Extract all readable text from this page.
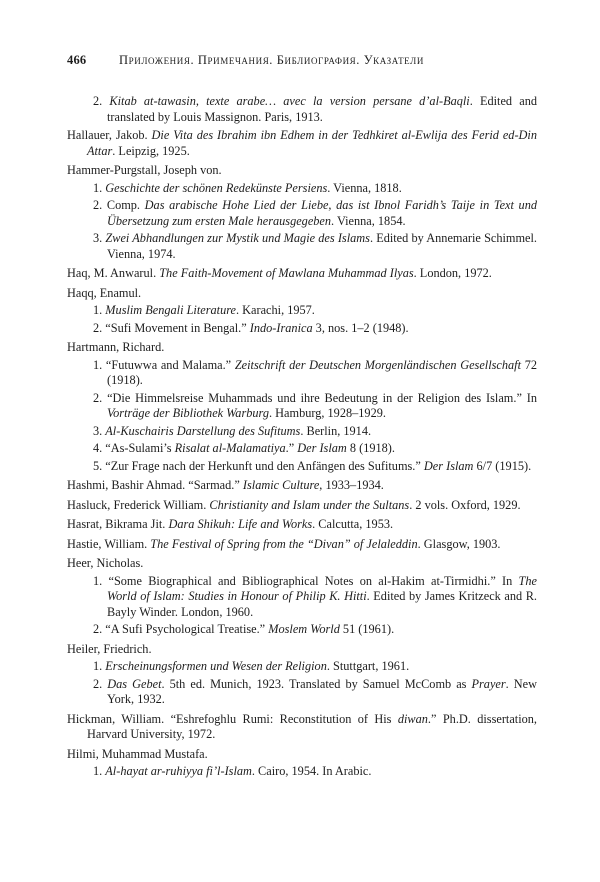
466	Приложения. Примечания. Библиография. Указатели
2. Kitab at-tawasin, texte arabe… avec la version persane d’al-Baqli. Edited and translated by Louis Massignon. Paris, 1913.
Hallauer, Jakob. Die Vita des Ibrahim ibn Edhem in der Tedhkiret al-Ewlija des Ferid ed-Din Attar. Leipzig, 1925.
Hammer-Purgstall, Joseph von.
1. Geschichte der schönen Redekünste Persiens. Vienna, 1818.
2. Comp. Das arabische Hohe Lied der Liebe, das ist Ibnol Faridh’s Taije in Text und Übersetzung zum ersten Male herausgegeben. Vienna, 1854.
3. Zwei Abhandlungen zur Mystik und Magie des Islams. Edited by Annemarie Schimmel. Vienna, 1974.
Haq, M. Anwarul. The Faith-Movement of Mawlana Muhammad Ilyas. London, 1972.
Haqq, Enamul.
1. Muslim Bengali Literature. Karachi, 1957.
2. “Sufi Movement in Bengal.” Indo-Iranica 3, nos. 1–2 (1948).
Hartmann, Richard.
1. “Futuwwa and Malama.” Zeitschrift der Deutschen Morgenländischen Gesellschaft 72 (1918).
2. “Die Himmelsreise Muhammads und ihre Bedeutung in der Religion des Islam.” In Vorträge der Bibliothek Warburg. Hamburg, 1928–1929.
3. Al-Kuschairis Darstellung des Sufitums. Berlin, 1914.
4. “As-Sulami’s Risalat al-Malamatiya.” Der Islam 8 (1918).
5. “Zur Frage nach der Herkunft und den Anfängen des Sufitums.” Der Islam 6/7 (1915).
Hashmi, Bashir Ahmad. “Sarmad.” Islamic Culture, 1933–1934.
Hasluck, Frederick William. Christianity and Islam under the Sultans. 2 vols. Oxford, 1929.
Hasrat, Bikrama Jit. Dara Shikuh: Life and Works. Calcutta, 1953.
Hastie, William. The Festival of Spring from the “Divan” of Jelaleddin. Glasgow, 1903.
Heer, Nicholas.
1. “Some Biographical and Bibliographical Notes on al-Hakim at-Tirmidhi.” In The World of Islam: Studies in Honour of Philip K. Hitti. Edited by James Kritzeck and R. Bayly Winder. London, 1960.
2. “A Sufi Psychological Treatise.” Moslem World 51 (1961).
Heiler, Friedrich.
1. Erscheinungsformen und Wesen der Religion. Stuttgart, 1961.
2. Das Gebet. 5th ed. Munich, 1923. Translated by Samuel McComb as Prayer. New York, 1932.
Hickman, William. “Eshrefoghlu Rumi: Reconstitution of His diwan.” Ph.D. dissertation, Harvard University, 1972.
Hilmi, Muhammad Mustafa.
1. Al-hayat ar-ruhiyya fi’l-Islam. Cairo, 1954. In Arabic.
